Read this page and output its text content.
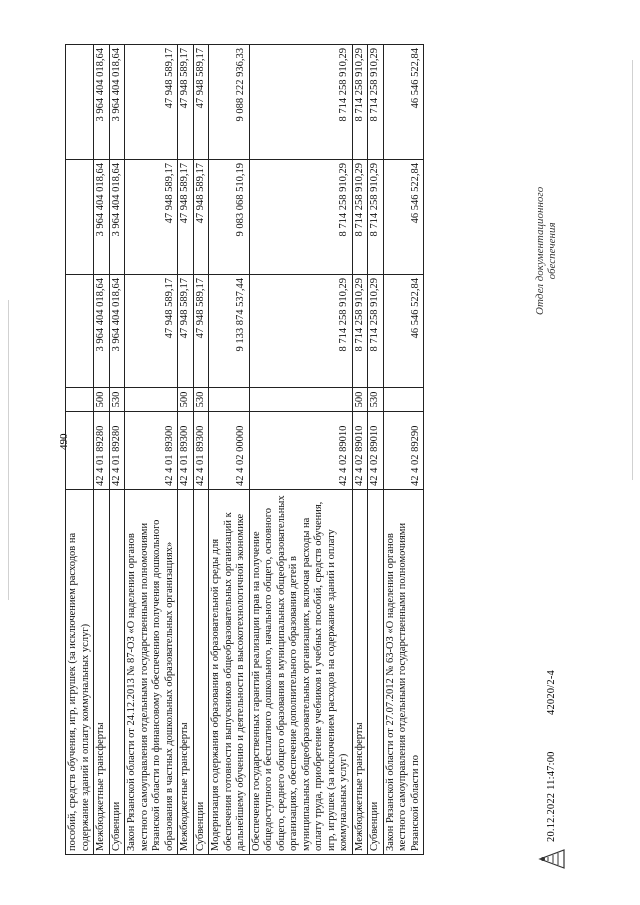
490
пособий, средств обучения, игр, игрушек (за исключением расходов на содержание зданий и оплату коммунальных услуг)					
Межбюджетные трансферты	42 4 01 89280	500	3 964 404 018,64	3 964 404 018,64	3 964 404 018,64
Субвенции	42 4 01 89280	530	3 964 404 018,64	3 964 404 018,64	3 964 404 018,64
Закон Рязанской области от 24.12.2013 № 87-ОЗ «О наделении органов местного самоуправления отдельными государственными полномочиями Рязанской области по финансовому обеспечению получения дошкольного образования в частных дошкольных образовательных организациях»	42 4 01 89300		47 948 589,17	47 948 589,17	47 948 589,17
Межбюджетные трансферты	42 4 01 89300	500	47 948 589,17	47 948 589,17	47 948 589,17
Субвенции	42 4 01 89300	530	47 948 589,17	47 948 589,17	47 948 589,17
Модернизация содержания образования и образовательной среды для обеспечения готовности выпускников общеобразовательных организаций к дальнейшему обучению и деятельности в высокотехнологичной экономике	42 4 02 00000		9 133 874 537,44	9 083 068 510,19	9 088 222 936,33
Обеспечение государственных гарантий реализации прав на получение общедоступного и бесплатного дошкольного, начального общего, основного общего, среднего общего образования в муниципальных общеобразовательных организациях, обеспечение дополнительного образования детей в муниципальных общеобразовательных организациях, включая расходы на оплату труда, приобретение учебников и учебных пособий, средств обучения, игр, игрушек (за исключением расходов на содержание зданий и оплату коммунальных услуг)	42 4 02 89010		8 714 258 910,29	8 714 258 910,29	8 714 258 910,29
Межбюджетные трансферты	42 4 02 89010	500	8 714 258 910,29	8 714 258 910,29	8 714 258 910,29
Субвенции	42 4 02 89010	530	8 714 258 910,29	8 714 258 910,29	8 714 258 910,29
Закон Рязанской области от 27.07.2012 № 63-ОЗ «О наделении органов местного самоуправления отдельными государственными полномочиями Рязанской области по	42 4 02 89290		46 546 522,84	46 546 522,84	46 546 522,84
20.12.2022 11:47:00
42020/2-4
Отдел документационного обеспечения
